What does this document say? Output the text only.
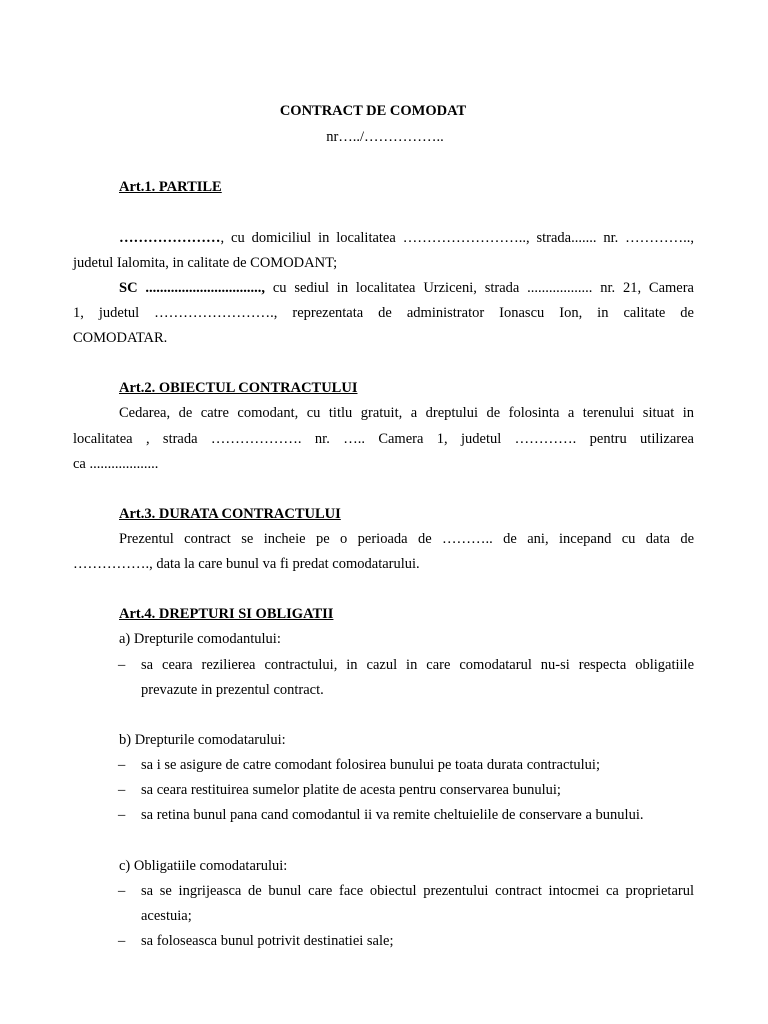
CONTRACT DE COMODAT
nr…../……………..
Art.1. PARTILE
…………………, cu domiciliul in localitatea …………………….., strada....... nr. …………..,
judetul Ialomita, in calitate de COMODANT;
SC ................................, cu sediul in localitatea Urziceni, strada .................. nr. 21, Camera
1, judetul ……………………., reprezentata de administrator Ionascu Ion, in calitate de
COMODATAR.
Art.2. OBIECTUL CONTRACTULUI
Cedarea, de catre comodant, cu titlu gratuit, a dreptului de folosinta a terenului situat in
localitatea , strada ………………. nr. ….. Camera 1, judetul …………. pentru utilizarea
ca ...................
Art.3. DURATA CONTRACTULUI
Prezentul contract se incheie pe o perioada de ……….. de ani, incepand cu data de
……………., data la care bunul va fi predat comodatarului.
Art.4. DREPTURI SI OBLIGATII
a) Drepturile comodantului:
– sa ceara rezilierea contractului, in cazul in care comodatarul nu-si respecta obligatiile
prevazute in prezentul contract.
b) Drepturile comodatarului:
– sa i se asigure de catre comodant folosirea bunului pe toata durata contractului;
– sa ceara restituirea sumelor platite de acesta pentru conservarea bunului;
– sa retina bunul pana cand comodantul ii va remite cheltuielile de conservare a bunului.
c) Obligatiile comodatarului:
– sa se ingrijeasca de bunul care face obiectul prezentului contract intocmei ca proprietarul
acestuia;
– sa foloseasca bunul potrivit destinatiei sale;
